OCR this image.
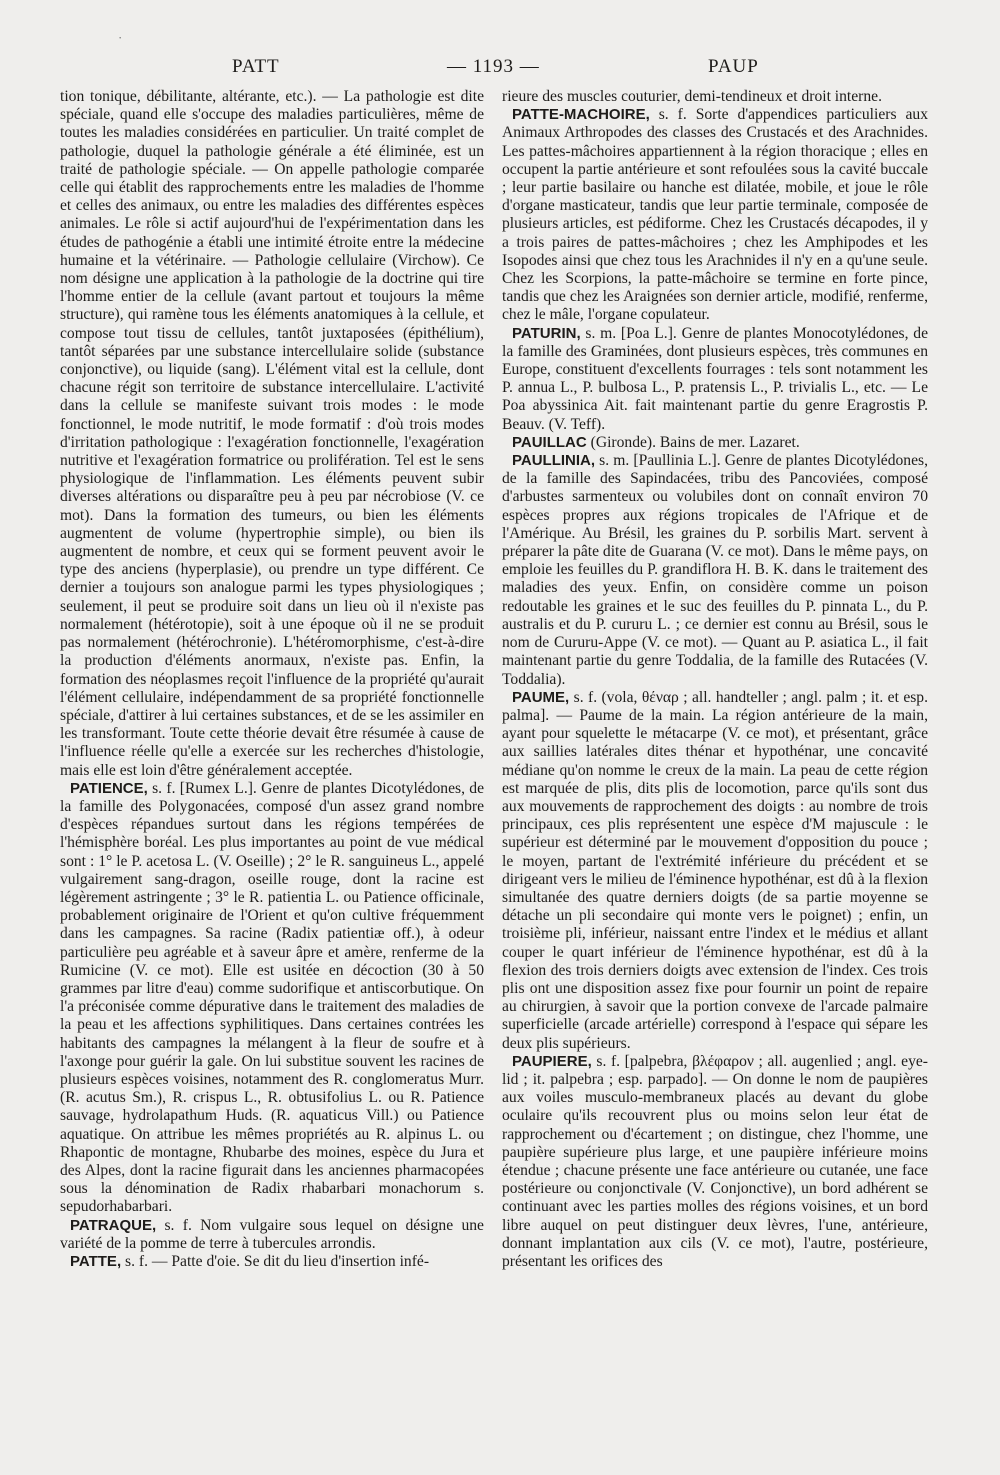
·
PATT	— 1193 —	PAUP

tion tonique, débilitante, altérante, etc.). — La pathologie est dite spéciale, quand elle s'occupe des maladies particulières, même de toutes les maladies considérées en particulier. Un traité complet de pathologie, duquel la pathologie générale a été éliminée, est un traité de pathologie spéciale. — On appelle pathologie comparée celle qui établit des rapprochements entre les maladies de l'homme et celles des animaux, ou entre les maladies des différentes espèces animales. Le rôle si actif aujourd'hui de l'expérimentation dans les études de pathogénie a établi une intimité étroite entre la médecine humaine et la vétérinaire. — Pathologie cellulaire (Virchow). Ce nom désigne une application à la pathologie de la doctrine qui tire l'homme entier de la cellule (avant partout et toujours la même structure), qui ramène tous les éléments anatomiques à la cellule, et compose tout tissu de cellules, tantôt juxtaposées (épithélium), tantôt séparées par une substance intercellulaire solide (substance conjonctive), ou liquide (sang). L'élément vital est la cellule, dont chacune régit son territoire de substance intercellulaire. L'activité dans la cellule se manifeste suivant trois modes : le mode fonctionnel, le mode nutritif, le mode formatif : d'où trois modes d'irritation pathologique : l'exagération fonctionnelle, l'exagération nutritive et l'exagération formatrice ou prolifération. Tel est le sens physiologique de l'inflammation. Les éléments peuvent subir diverses altérations ou disparaître peu à peu par nécrobiose (V. ce mot). Dans la formation des tumeurs, ou bien les éléments augmentent de volume (hypertrophie simple), ou bien ils augmentent de nombre, et ceux qui se forment peuvent avoir le type des anciens (hyperplasie), ou prendre un type différent. Ce dernier a toujours son analogue parmi les types physiologiques ; seulement, il peut se produire soit dans un lieu où il n'existe pas normalement (hétérotopie), soit à une époque où il ne se produit pas normalement (hétérochronie). L'hétéromorphisme, c'est-à-dire la production d'éléments anormaux, n'existe pas. Enfin, la formation des néoplasmes reçoit l'influence de la propriété qu'aurait l'élément cellulaire, indépendamment de sa propriété fonctionnelle spéciale, d'attirer à lui certaines substances, et de se les assimiler en les transformant. Toute cette théorie devait être résumée à cause de l'influence réelle qu'elle a exercée sur les recherches d'histologie, mais elle est loin d'être généralement acceptée.

PATIENCE, s. f. [Rumex L.]. Genre de plantes Dicotylédones, de la famille des Polygonacées, composé d'un assez grand nombre d'espèces répandues surtout dans les régions tempérées de l'hémisphère boréal. Les plus importantes au point de vue médical sont : 1° le P. acetosa L. (V. Oseille) ; 2° le R. sanguineus L., appelé vulgairement sang-dragon, oseille rouge, dont la racine est légèrement astringente ; 3° le R. patientia L. ou Patience officinale, probablement originaire de l'Orient et qu'on cultive fréquemment dans les campagnes. Sa racine (Radix patientiæ off.), à odeur particulière peu agréable et à saveur âpre et amère, renferme de la Rumicine (V. ce mot). Elle est usitée en décoction (30 à 50 grammes par litre d'eau) comme sudorifique et antiscorbutique. On l'a préconisée comme dépurative dans le traitement des maladies de la peau et les affections syphilitiques. Dans certaines contrées les habitants des campagnes la mélangent à la fleur de soufre et à l'axonge pour guérir la gale. On lui substitue souvent les racines de plusieurs espèces voisines, notamment des R. conglomeratus Murr. (R. acutus Sm.), R. crispus L., R. obtusifolius L. ou R. Patience sauvage, hydrolapathum Huds. (R. aquaticus Vill.) ou Patience aquatique. On attribue les mêmes propriétés au R. alpinus L. ou Rhapontic de montagne, Rhubarbe des moines, espèce du Jura et des Alpes, dont la racine figurait dans les anciennes pharmacopées sous la dénomination de Radix rhabarbari monachorum s. sepudorhabarbari.

PATRAQUE, s. f. Nom vulgaire sous lequel on désigne une variété de la pomme de terre à tubercules arrondis.

PATTE, s. f. — Patte d'oie. Se dit du lieu d'insertion infé-

rieure des muscles couturier, demi-tendineux et droit interne.

PATTE-MACHOIRE, s. f. Sorte d'appendices particuliers aux Animaux Arthropodes des classes des Crustacés et des Arachnides. Les pattes-mâchoires appartiennent à la région thoracique ; elles en occupent la partie antérieure et sont refoulées sous la cavité buccale ; leur partie basilaire ou hanche est dilatée, mobile, et joue le rôle d'organe masticateur, tandis que leur partie terminale, composée de plusieurs articles, est pédiforme. Chez les Crustacés décapodes, il y a trois paires de pattes-mâchoires ; chez les Amphipodes et les Isopodes ainsi que chez tous les Arachnides il n'y en a qu'une seule. Chez les Scorpions, la patte-mâchoire se termine en forte pince, tandis que chez les Araignées son dernier article, modifié, renferme, chez le mâle, l'organe copulateur.

PATURIN, s. m. [Poa L.]. Genre de plantes Monocotylédones, de la famille des Graminées, dont plusieurs espèces, très communes en Europe, constituent d'excellents fourrages : tels sont notamment les P. annua L., P. bulbosa L., P. pratensis L., P. trivialis L., etc. — Le Poa abyssinica Ait. fait maintenant partie du genre Eragrostis P. Beauv. (V. Teff).

PAUILLAC (Gironde). Bains de mer. Lazaret.

PAULLINIA, s. m. [Paullinia L.]. Genre de plantes Dicotylédones, de la famille des Sapindacées, tribu des Pancoviées, composé d'arbustes sarmenteux ou volubiles dont on connaît environ 70 espèces propres aux régions tropicales de l'Afrique et de l'Amérique. Au Brésil, les graines du P. sorbilis Mart. servent à préparer la pâte dite de Guarana (V. ce mot). Dans le même pays, on emploie les feuilles du P. grandiflora H. B. K. dans le traitement des maladies des yeux. Enfin, on considère comme un poison redoutable les graines et le suc des feuilles du P. pinnata L., du P. australis et du P. cururu L. ; ce dernier est connu au Brésil, sous le nom de Cururu-Appe (V. ce mot). — Quant au P. asiatica L., il fait maintenant partie du genre Toddalia, de la famille des Rutacées (V. Toddalia).

PAUME, s. f. (vola, θέναρ ; all. handteller ; angl. palm ; it. et esp. palma]. — Paume de la main. La région antérieure de la main, ayant pour squelette le métacarpe (V. ce mot), et présentant, grâce aux saillies latérales dites thénar et hypothénar, une concavité médiane qu'on nomme le creux de la main. La peau de cette région est marquée de plis, dits plis de locomotion, parce qu'ils sont dus aux mouvements de rapprochement des doigts : au nombre de trois principaux, ces plis représentent une espèce d'M majuscule : le supérieur est déterminé par le mouvement d'opposition du pouce ; le moyen, partant de l'extrémité inférieure du précédent et se dirigeant vers le milieu de l'éminence hypothénar, est dû à la flexion simultanée des quatre derniers doigts (de sa partie moyenne se détache un pli secondaire qui monte vers le poignet) ; enfin, un troisième pli, inférieur, naissant entre l'index et le médius et allant couper le quart inférieur de l'éminence hypothénar, est dû à la flexion des trois derniers doigts avec extension de l'index. Ces trois plis ont une disposition assez fixe pour fournir un point de repaire au chirurgien, à savoir que la portion convexe de l'arcade palmaire superficielle (arcade artérielle) correspond à l'espace qui sépare les deux plis supérieurs.

PAUPIERE, s. f. [palpebra, βλέφαρον ; all. augenlied ; angl. eye-lid ; it. palpebra ; esp. parpado]. — On donne le nom de paupières aux voiles musculo-membraneux placés au devant du globe oculaire qu'ils recouvrent plus ou moins selon leur état de rapprochement ou d'écartement ; on distingue, chez l'homme, une paupière supérieure plus large, et une paupière inférieure moins étendue ; chacune présente une face antérieure ou cutanée, une face postérieure ou conjonctivale (V. Conjonctive), un bord adhérent se continuant avec les parties molles des régions voisines, et un bord libre auquel on peut distinguer deux lèvres, l'une, antérieure, donnant implantation aux cils (V. ce mot), l'autre, postérieure, présentant les orifices des
